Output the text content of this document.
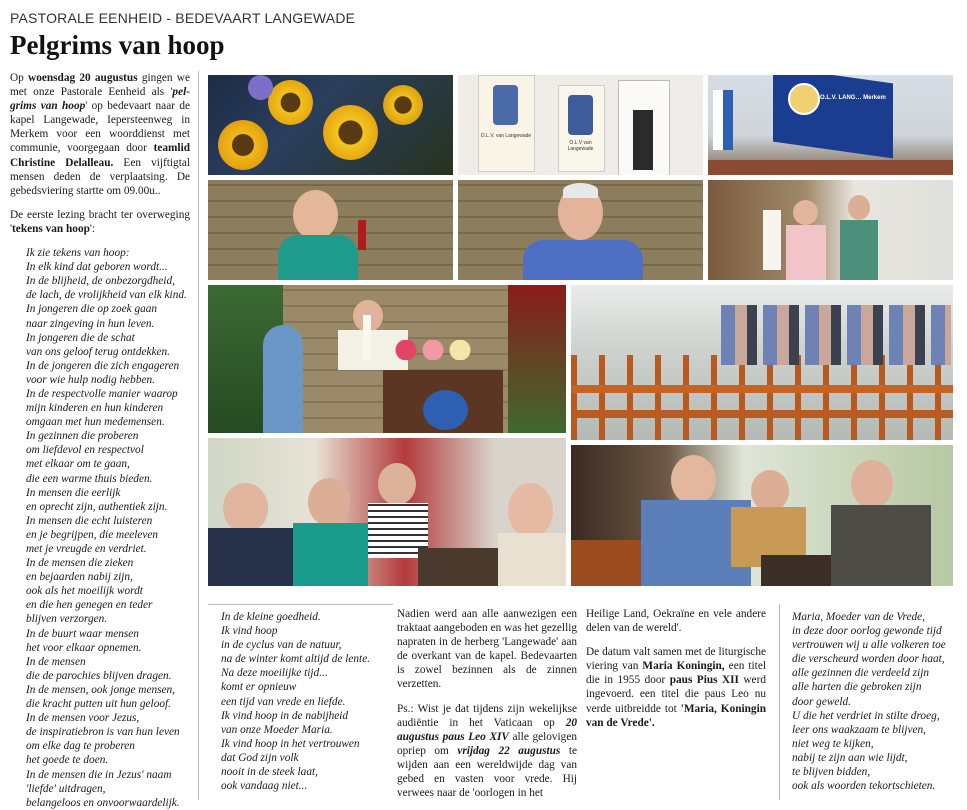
PASTORALE EENHEID - BEDEVAART LANGEWADE
Pelgrims van hoop

Op woensdag 20 augustus gingen we met onze Pastorale Eenheid als 'pel-grims van hoop' op bedevaart naar de kapel Langewade, Iepersteenweg in Merkem voor een woorddienst met communie, voorgegaan door teamlid Christine Delalleau. Een vijftigtal mensen deden de verplaatsing. De gebedsviering startte om 09.00u..

De eerste lezing bracht ter overweging 'tekens van hoop':

Ik zie tekens van hoop:
In elk kind dat geboren wordt...
In de blijheid, de onbezorgdheid,
de lach, de vrolijkheid van elk kind.
In jongeren die op zoek gaan
naar zingeving in hun leven.
In jongeren die de schat
van ons geloof terug ontdekken.
In de jongeren die zich engageren
voor wie hulp nodig hebben.
In de respectvolle manier waarop
mijn kinderen en hun kinderen
omgaan met hun medemensen.
In gezinnen die proberen
om liefdevol en respectvol
met elkaar om te gaan,
die een warme thuis bieden.
In mensen die eerlijk
en oprecht zijn, authentiek zijn.
In mensen die echt luisteren
en je begrijpen, die meeleven
met je vreugde en verdriet.
In de mensen die zieken
en bejaarden nabij zijn,
ook als het moeilijk wordt
en die hen genegen en teder
blijven verzorgen.
In de buurt waar mensen
het voor elkaar opnemen.
In de mensen
die de parochies blijven dragen.
In de mensen, ook jonge mensen,
die kracht putten uit hun geloof.
In de mensen voor Jezus,
de inspiratiebron is van hun leven
om elke dag te proberen
het goede te doen.
In de mensen die in Jezus' naam
'liefde' uitdragen,
belangeloos en onvoorwaardelijk.
O.L.V. van Langewade
O.L.V van Langewade
O.L.V. LANG… Merkem
In de kleine goedheid.
Ik vind hoop
in de cyclus van de natuur,
na de winter komt altijd de lente.
Na deze moeilijke tijd...
komt er opnieuw
een tijd van vrede en liefde.
Ik vind hoop in de nabijheid
van onze Moeder Maria.
Ik vind hoop in het vertrouwen
dat God zijn volk
nooit in de steek laat,
ook vandaag niet...

Nadien werd aan alle aanwezigen een traktaat aangeboden en was het gezellig napraten in de herberg 'Langewade' aan de overkant van de kapel. Bedevaarten is zowel bezinnen als de zinnen verzetten.

Ps.: Wist je dat tijdens zijn wekelijkse audiëntie in het Vaticaan op 20 augustus paus Leo XIV alle gelovigen opriep om vrijdag 22 augustus te wijden aan een wereldwijde dag van gebed en vasten voor vrede. Hij verwees naar de 'oorlogen in het

Heilige Land, Oekraïne en vele andere delen van de wereld'.

De datum valt samen met de liturgische viering van Maria Koningin, een titel die in 1955 door paus Pius XII werd ingevoerd. een titel die paus Leo nu verde uitbreidde tot 'Maria, Koningin van de Vrede'.

Maria, Moeder van de Vrede,
in deze door oorlog gewonde tijd
vertrouwen wij u alle volkeren toe
die verscheurd worden door haat,
alle gezinnen die verdeeld zijn
alle harten die gebroken zijn
door geweld.
U die het verdriet in stilte droeg,
leer ons waakzaam te blijven,
niet weg te kijken,
nabij te zijn aan wie lijdt,
te blijven bidden,
ook als woorden tekortschieten.
